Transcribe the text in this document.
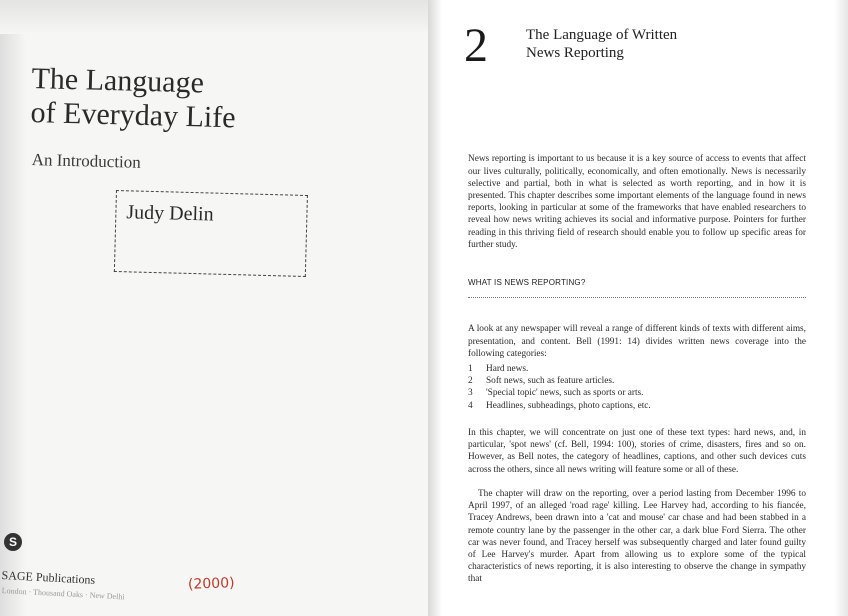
The Language
of Everyday Life
An Introduction
Judy Delin
S
SAGE Publications
London · Thousand Oaks · New Delhi
(2000)
2	The Language of Written
News Reporting

News reporting is important to us because it is a key source of access to events that affect our lives culturally, politically, economically, and often emotionally. News is necessarily selective and partial, both in what is selected as worth reporting, and in how it is presented. This chapter describes some important elements of the language found in news reports, looking in particular at some of the frameworks that have enabled researchers to reveal how news writing achieves its social and informative purpose. Pointers for further reading in this thriving field of research should enable you to follow up specific areas for further study.

WHAT IS NEWS REPORTING?

A look at any newspaper will reveal a range of different kinds of texts with different aims, presentation, and content. Bell (1991: 14) divides written news coverage into the following categories:

1 Hard news.
2 Soft news, such as feature articles.
3 'Special topic' news, such as sports or arts.
4 Headlines, subheadings, photo captions, etc.

In this chapter, we will concentrate on just one of these text types: hard news, and, in particular, 'spot news' (cf. Bell, 1994: 100), stories of crime, disasters, fires and so on. However, as Bell notes, the category of headlines, captions, and other such devices cuts across the others, since all news writing will feature some or all of these.

The chapter will draw on the reporting, over a period lasting from December 1996 to April 1997, of an alleged 'road rage' killing. Lee Harvey had, according to his fiancée, Tracey Andrews, been drawn into a 'cat and mouse' car chase and had been stabbed in a remote country lane by the passenger in the other car, a dark blue Ford Sierra. The other car was never found, and Tracey herself was subsequently charged and later found guilty of Lee Harvey's murder. Apart from allowing us to explore some of the typical characteristics of news reporting, it is also interesting to observe the change in sympathy that
